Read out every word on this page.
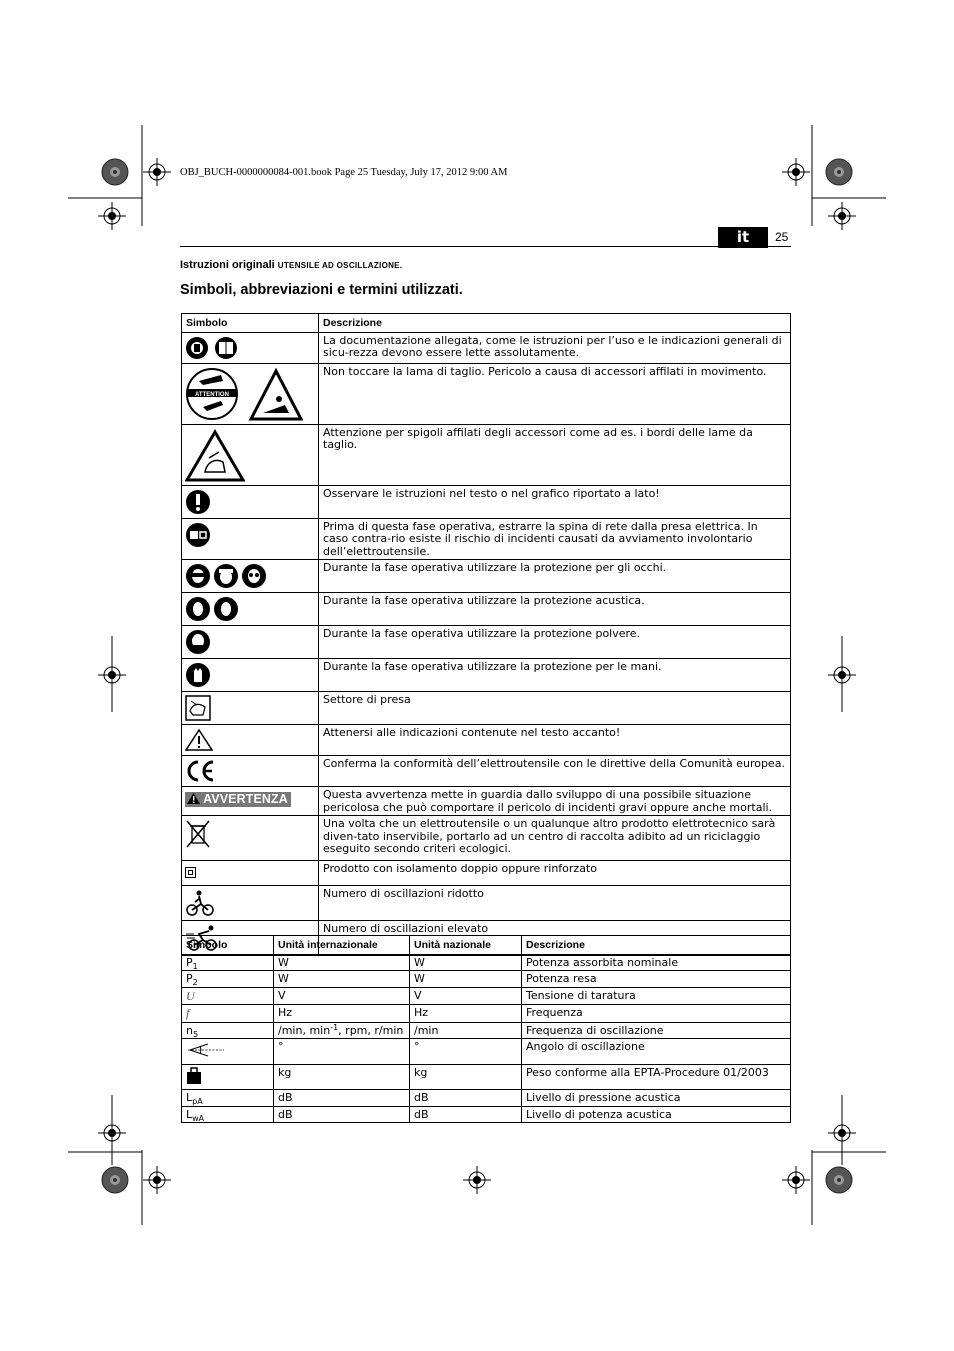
OBJ_BUCH-0000000084-001.book Page 25 Tuesday, July 17, 2012 9:00 AM
it	25
Istruzioni originali UTENSILE AD OSCILLAZIONE.
Simboli, abbreviazioni e termini utilizzati.
Simbolo	Descrizione
	La documentazione allegata, come le istruzioni per l’uso e le indicazioni generali di sicu-rezza devono essere lette assolutamente.

ATTENTION	Non toccare la lama di taglio. Pericolo a causa di accessori affilati in movimento.
	Attenzione per spigoli affilati degli accessori come ad es. i bordi delle lame da taglio.
	Osservare le istruzioni nel testo o nel grafico riportato a lato!
	Prima di questa fase operativa, estrarre la spina di rete dalla presa elettrica. In caso contra-rio esiste il rischio di incidenti causati da avviamento involontario dell’elettroutensile.
	Durante la fase operativa utilizzare la protezione per gli occhi.
	Durante la fase operativa utilizzare la protezione acustica.
	Durante la fase operativa utilizzare la protezione polvere.
	Durante la fase operativa utilizzare la protezione per le mani.
	Settore di presa
	Attenersi alle indicazioni contenute nel testo accanto!
	Conferma la conformità dell’elettroutensile con le direttive della Comunità europea.
AVVERTENZA	Questa avvertenza mette in guardia dallo sviluppo di una possibile situazione pericolosa che può comportare il pericolo di incidenti gravi oppure anche mortali.
	Una volta che un elettroutensile o un qualunque altro prodotto elettrotecnico sarà diven-tato inservibile, portarlo ad un centro di raccolta adibito ad un riciclaggio eseguito secondo criteri ecologici.
	Prodotto con isolamento doppio oppure rinforzato
	Numero di oscillazioni ridotto
	Numero di oscillazioni elevato
Simbolo	Unità internazionale	Unità nazionale	Descrizione
$P_1$	W	W	Potenza assorbita nominale
$P_2$	W	W	Potenza resa
U	V	V	Tensione di taratura
f	Hz	Hz	Frequenza
$n_5$	/min, $\min^{-1}$, rpm, r/min	/min	Frequenza di oscillazione
	°	°	Angolo di oscillazione
	kg	kg	Peso conforme alla EPTA-Procedure 01/2003
$L_{pA}$	dB	dB	Livello di pressione acustica
$L_{wA}$	dB	dB	Livello di potenza acustica
